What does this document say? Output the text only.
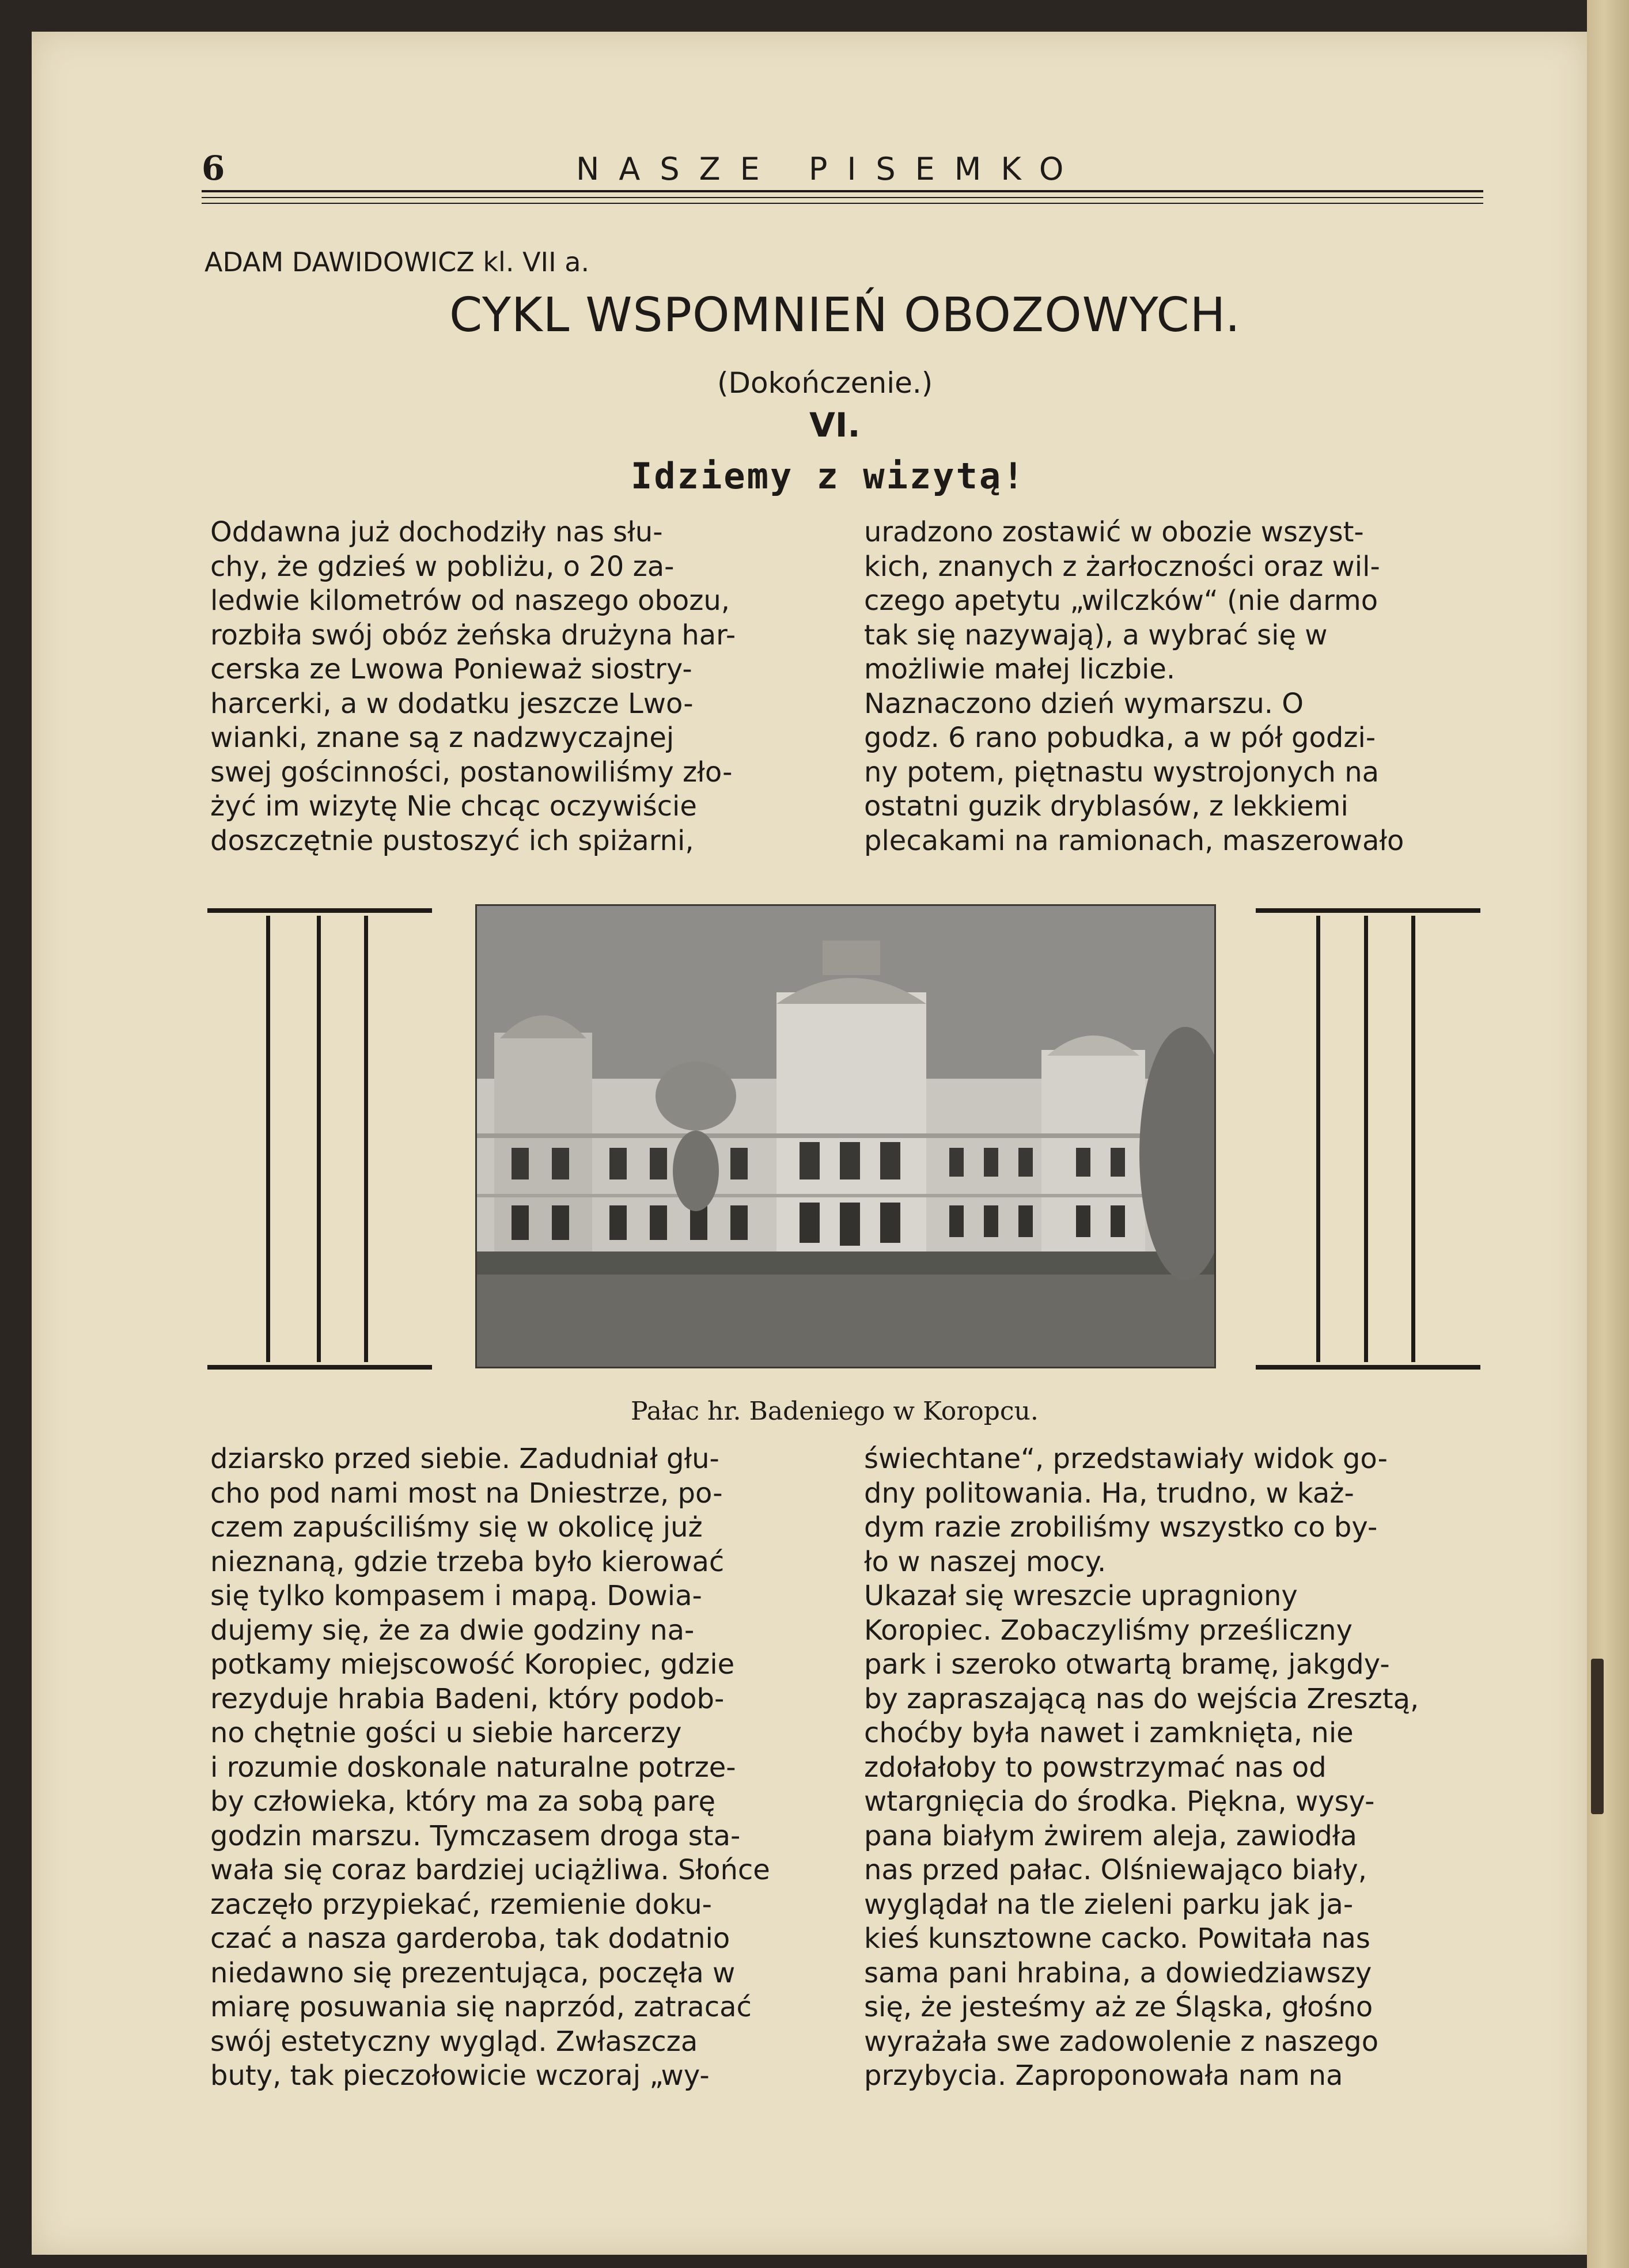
6	NASZE PISEMKO
ADAM DAWIDOWICZ kl. VII a.
CYKL WSPOMNIEŃ OBOZOWYCH.
(Dokończenie.)
VI.
Idziemy z wizytą!

Oddawna już dochodziły nas słu-
chy, że gdzieś w pobliżu, o 20 za-
ledwie kilometrów od naszego obozu,
rozbiła swój obóz żeńska drużyna har-
cerska ze Lwowa Ponieważ siostry-
harcerki, a w dodatku jeszcze Lwo-
wianki, znane są z nadzwyczajnej
swej gościnności, postanowiliśmy zło-
żyć im wizytę Nie chcąc oczywiście
doszczętnie pustoszyć ich spiżarni,

uradzono zostawić w obozie wszyst-
kich, znanych z żarłoczności oraz wil-
czego apetytu „wilczków“ (nie darmo
tak się nazywają), a wybrać się w
możliwie małej liczbie.
Naznaczono dzień wymarszu. O
godz. 6 rano pobudka, a w pół godzi-
ny potem, piętnastu wystrojonych na
ostatni guzik dryblasów, z lekkiemi
plecakami na ramionach, maszerowało

Pałac hr. Badeniego w Koropcu.

dziarsko przed siebie. Zadudniał głu-
cho pod nami most na Dniestrze, po-
czem zapuściliśmy się w okolicę już
nieznaną, gdzie trzeba było kierować
się tylko kompasem i mapą. Dowia-
dujemy się, że za dwie godziny na-
potkamy miejscowość Koropiec, gdzie
rezyduje hrabia Badeni, który podob-
no chętnie gości u siebie harcerzy
i rozumie doskonale naturalne potrze-
by człowieka, który ma za sobą parę
godzin marszu. Tymczasem droga sta-
wała się coraz bardziej uciążliwa. Słońce
zaczęło przypiekać, rzemienie doku-
czać a nasza garderoba, tak dodatnio
niedawno się prezentująca, poczęła w
miarę posuwania się naprzód, zatracać
swój estetyczny wygląd. Zwłaszcza
buty, tak pieczołowicie wczoraj „wy-

świechtane“, przedstawiały widok go-
dny politowania. Ha, trudno, w każ-
dym razie zrobiliśmy wszystko co by-
ło w naszej mocy.
Ukazał się wreszcie upragniony
Koropiec. Zobaczyliśmy prześliczny
park i szeroko otwartą bramę, jakgdy-
by zapraszającą nas do wejścia Zresztą,
choćby była nawet i zamknięta, nie
zdołałoby to powstrzymać nas od
wtargnięcia do środka. Piękna, wysy-
pana białym żwirem aleja, zawiodła
nas przed pałac. Olśniewająco biały,
wyglądał na tle zieleni parku jak ja-
kieś kunsztowne cacko. Powitała nas
sama pani hrabina, a dowiedziawszy
się, że jesteśmy aż ze Śląska, głośno
wyrażała swe zadowolenie z naszego
przybycia. Zaproponowała nam na
